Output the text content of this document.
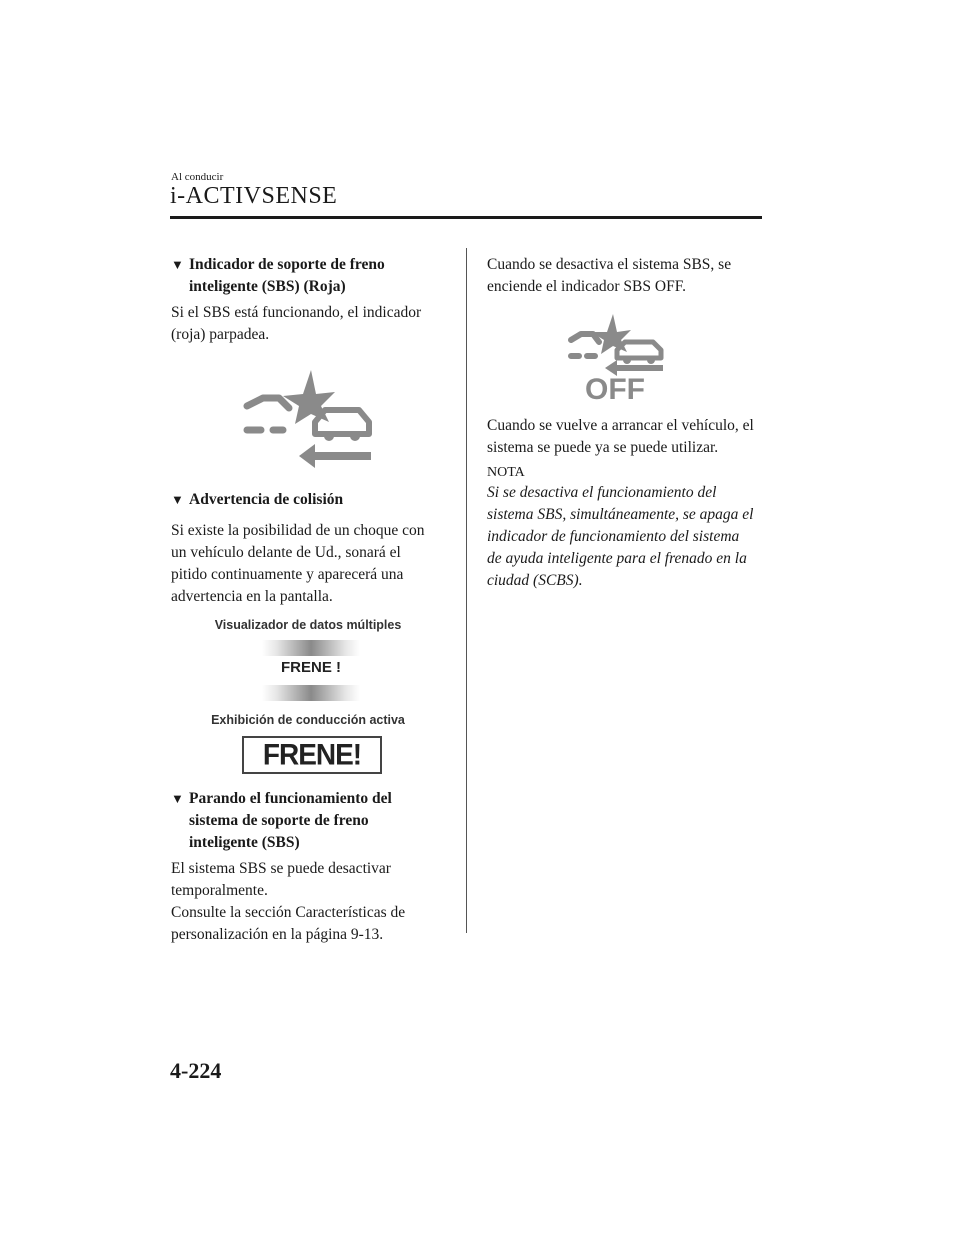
Al conducir
i-ACTIVSENSE
▼ Indicador de soporte de freno
inteligente (SBS) (Roja)
Si el SBS está funcionando, el indicador
(roja) parpadea.
▼ Advertencia de colisión
Si existe la posibilidad de un choque con
un vehículo delante de Ud., sonará el
pitido continuamente y aparecerá una
advertencia en la pantalla.
Visualizador de datos múltiples
FRENE !
Exhibición de conducción activa
FRENE!
▼ Parando el funcionamiento del
sistema de soporte de freno
inteligente (SBS)
El sistema SBS se puede desactivar
temporalmente.
Consulte la sección Características de
personalización en la página 9-13.
Cuando se desactiva el sistema SBS, se
enciende el indicador SBS OFF.
OFF
Cuando se vuelve a arrancar el vehículo, el
sistema se puede ya se puede utilizar.
NOTA
Si se desactiva el funcionamiento del
sistema SBS, simultáneamente, se apaga el
indicador de funcionamiento del sistema
de ayuda inteligente para el frenado en la
ciudad (SCBS).
4-224
